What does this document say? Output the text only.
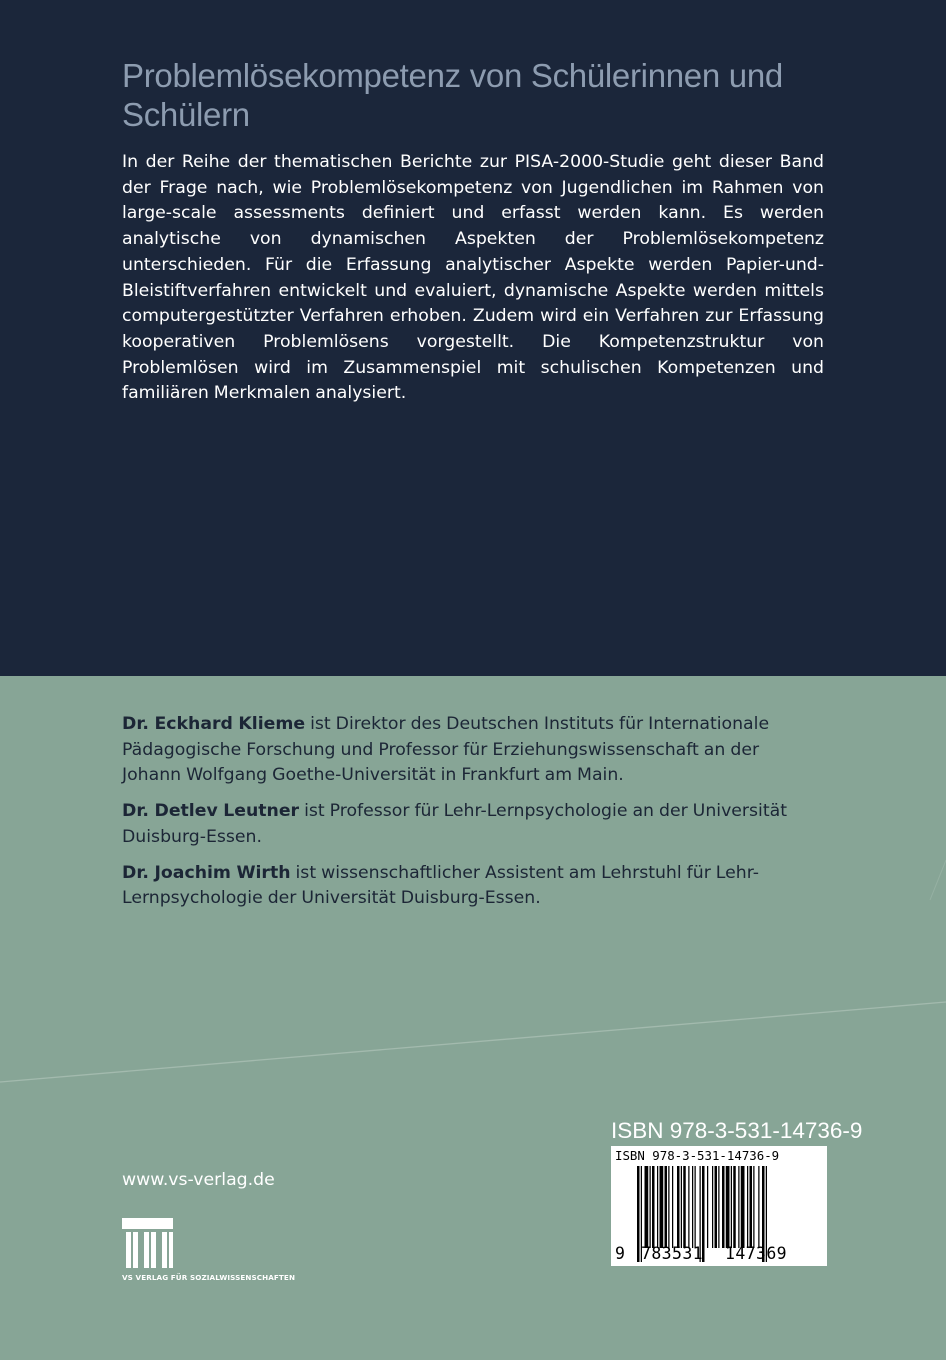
Problemlösekompetenz von Schülerinnen und Schülern

In der Reihe der thematischen Berichte zur PISA-2000-Studie geht dieser Band der Frage nach, wie Problemlösekompetenz von Jugendlichen im Rahmen von large-scale assessments definiert und erfasst werden kann. Es werden analytische von dynamischen Aspekten der Problemlösekompetenz unterschieden. Für die Erfassung analytischer Aspekte werden Papier-und-Bleistiftverfahren entwickelt und evaluiert, dynamische Aspekte werden mittels computergestützter Verfahren erhoben. Zudem wird ein Verfahren zur Erfassung kooperativen Problemlösens vorgestellt. Die Kompetenzstruktur von Problemlösen wird im Zusammenspiel mit schulischen Kompetenzen und familiären Merkmalen analysiert.

Dr. Eckhard Klieme ist Direktor des Deutschen Instituts für Internationale Pädagogische Forschung und Professor für Erziehungswissenschaft an der Johann Wolfgang Goethe-Universität in Frankfurt am Main.

Dr. Detlev Leutner ist Professor für Lehr-Lernpsychologie an der Universität Duisburg-Essen.

Dr. Joachim Wirth ist wissenschaftlicher Assistent am Lehrstuhl für Lehr-Lernpsychologie der Universität Duisburg-Essen.

www.vs-verlag.de

VS VERLAG FÜR SOZIALWISSENSCHAFTEN

ISBN 978-3-531-14736-9

ISBN 978-3-531-14736-9

9 783531 147369
